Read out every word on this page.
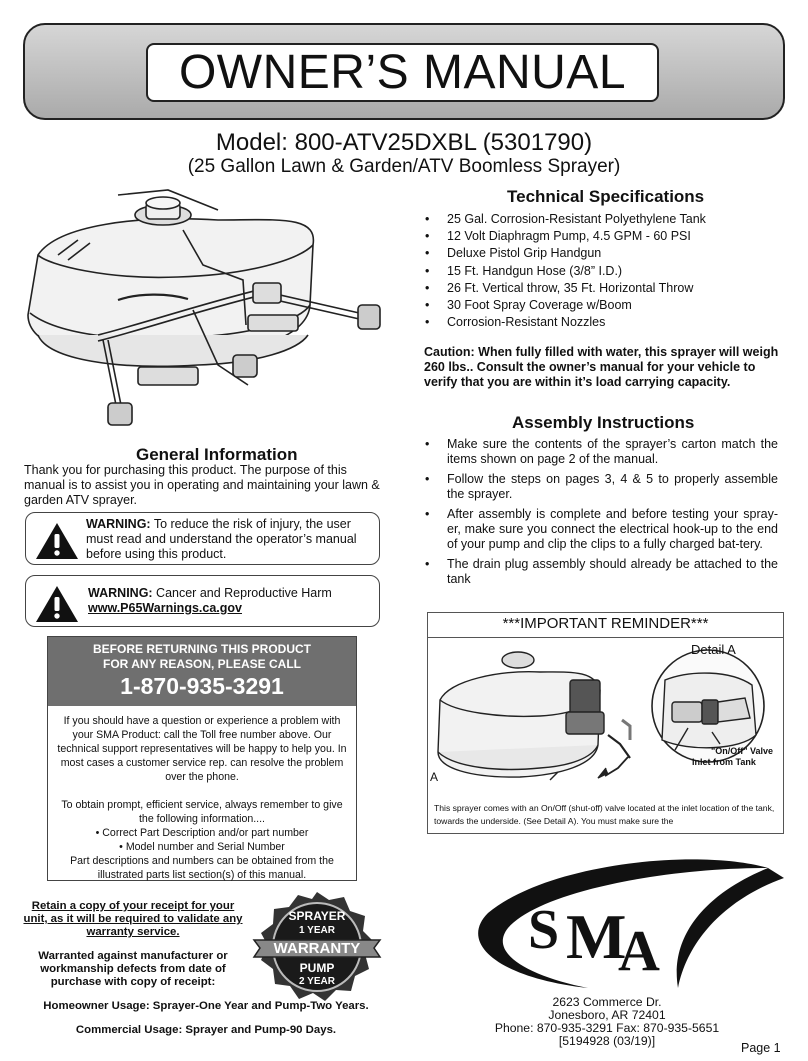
OWNER’S MANUAL
Model: 800-ATV25DXBL (5301790)
(25 Gallon Lawn & Garden/ATV Boomless Sprayer)
Technical Specifications
• 25 Gal. Corrosion-Resistant Polyethylene Tank
• 12 Volt Diaphragm Pump, 4.5 GPM - 60 PSI
• Deluxe Pistol Grip Handgun
• 15 Ft. Handgun Hose (3/8” I.D.)
• 26 Ft. Vertical throw, 35 Ft. Horizontal Throw
• 30 Foot Spray Coverage w/Boom
• Corrosion-Resistant Nozzles
Caution: When fully filled with water, this sprayer will weigh 260 lbs.. Consult the owner’s manual for your vehicle to verify that you are within it’s load carrying capacity.
Assembly Instructions
• Make sure the contents of the sprayer’s carton match the items shown on page 2 of the manual.
• Follow the steps on pages 3, 4 & 5 to properly assemble the sprayer.
• After assembly is complete and before testing your spray-er, make sure you connect the electrical hook-up to the end of your pump and clip the clips to a fully charged bat-tery.
• The drain plug assembly should already be attached to the tank
General Information
Thank you for purchasing this product. The purpose of this manual is to assist you in operating and maintaining your lawn & garden ATV sprayer.
WARNING: To reduce the risk of injury, the user must read and understand the operator’s manual before using this product.
WARNING: Cancer and Reproductive Harm
www.P65Warnings.ca.gov
BEFORE RETURNING THIS PRODUCT
FOR ANY REASON, PLEASE CALL
1-870-935-3291
If you should have a question or experience a problem with your SMA Product: call the Toll free number above. Our technical support representatives will be happy to help you. In most cases a customer service rep. can resolve the problem over the phone.
To obtain prompt, efficient service, always remember to give the following information....
• Correct Part Description and/or part number
• Model number and Serial Number
Part descriptions and numbers can be obtained from the illustrated parts list section(s) of this manual.
Retain a copy of your receipt for your unit, as it will be required to validate any warranty service.
Warranted against manufacturer or workmanship defects from date of purchase with copy of receipt:
Homeowner Usage: Sprayer-One Year and Pump-Two Years.
Commercial Usage: Sprayer and Pump-90 Days.
SPRAYER
1 YEAR
WARRANTY
PUMP
2 YEAR
***IMPORTANT REMINDER***
Detail A
"On/Off" Valve
Inlet from Tank
A
This sprayer comes with an On/Off (shut-off) valve located at the inlet location of the tank, towards the underside. (See Detail A). You must make sure the
S M
A
2623 Commerce Dr.
Jonesboro, AR 72401
Phone: 870-935-3291 Fax: 870-935-5651
[5194928 (03/19)]	Page 1
